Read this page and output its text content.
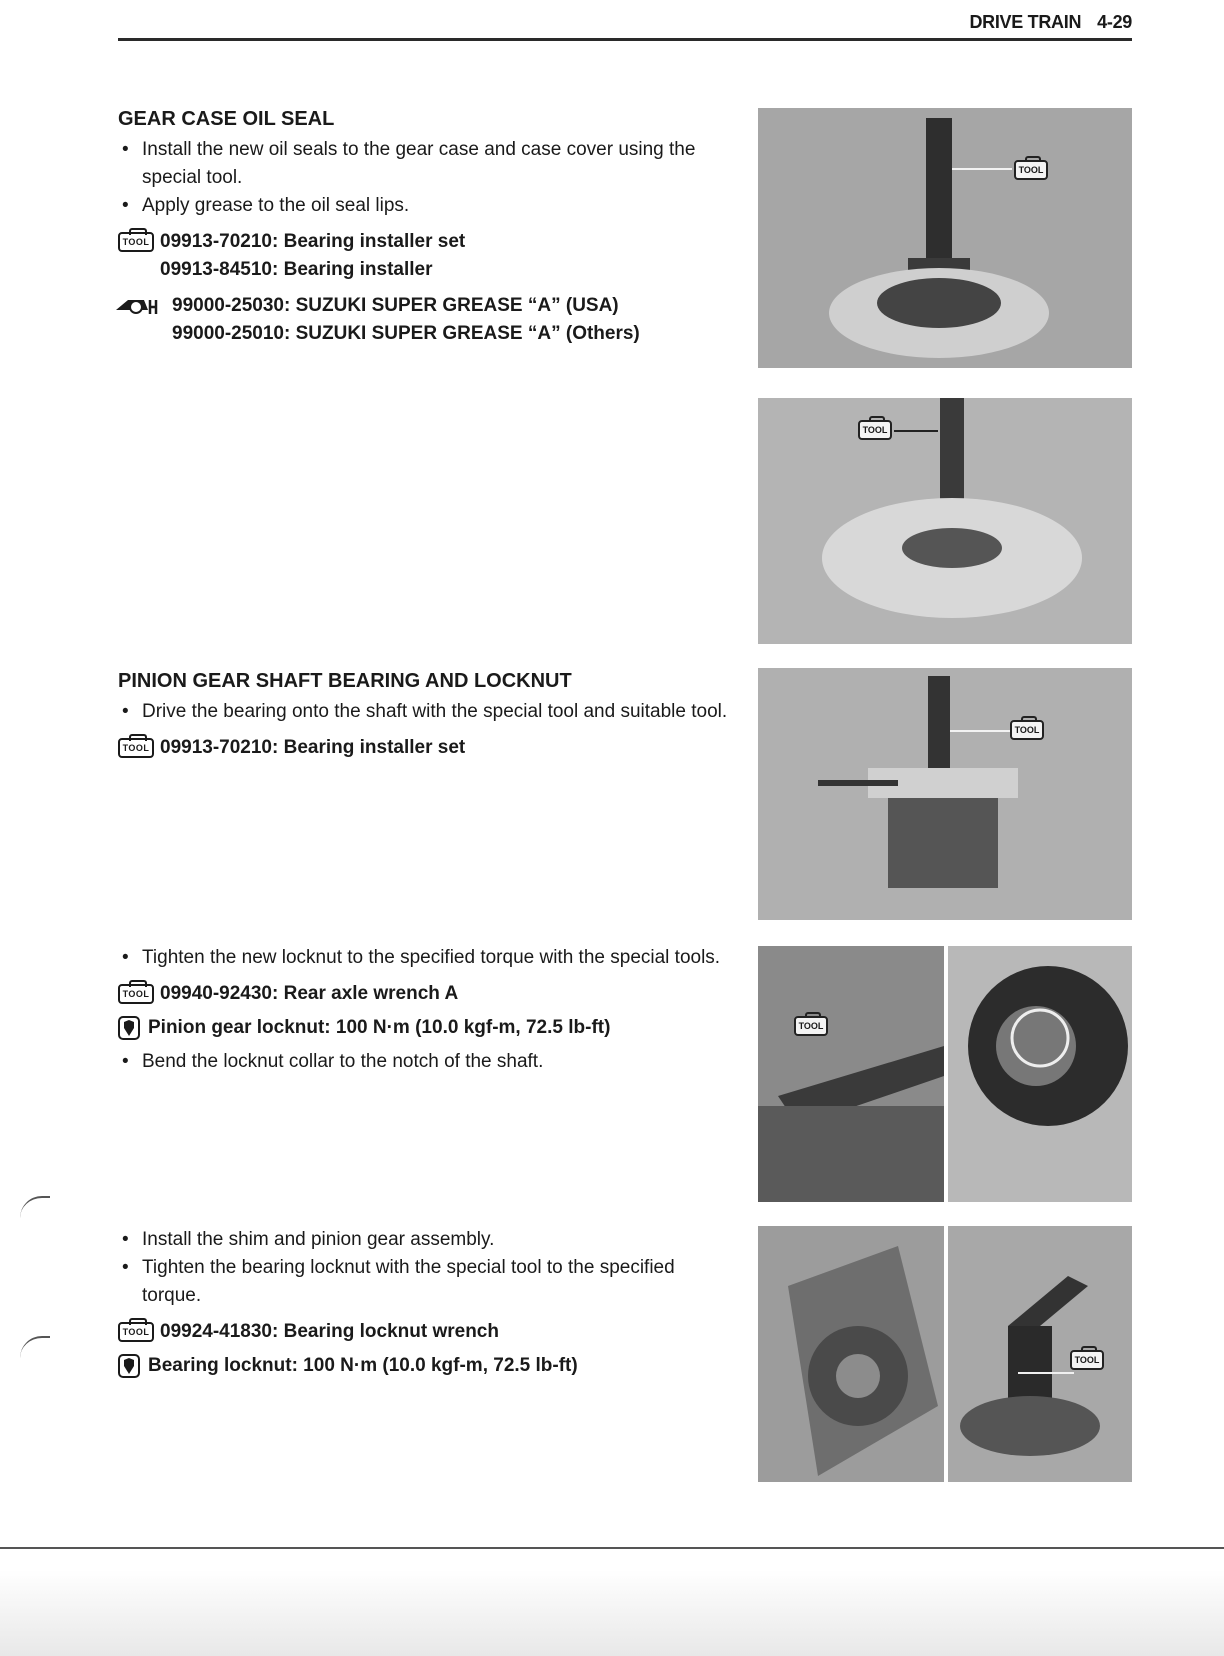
DRIVE TRAIN 4-29
GEAR CASE OIL SEAL
• Install the new oil seals to the gear case and case cover using the special tool.
• Apply grease to the oil seal lips.
TOOL 09913-70210: Bearing installer set
09913-84510: Bearing installer
99000-25030: SUZUKI SUPER GREASE “A” (USA)
99000-25010: SUZUKI SUPER GREASE “A” (Others)
PINION GEAR SHAFT BEARING AND LOCKNUT
• Drive the bearing onto the shaft with the special tool and suitable tool.
TOOL 09913-70210: Bearing installer set
• Tighten the new locknut to the specified torque with the special tools.
TOOL 09940-92430: Rear axle wrench A
Pinion gear locknut: 100 N·m (10.0 kgf-m, 72.5 lb-ft)
• Bend the locknut collar to the notch of the shaft.
• Install the shim and pinion gear assembly.
• Tighten the bearing locknut with the special tool to the specified torque.
TOOL 09924-41830: Bearing locknut wrench
Bearing locknut: 100 N·m (10.0 kgf-m, 72.5 lb-ft)
TOOL
TOOL
TOOL
TOOL
TOOL
